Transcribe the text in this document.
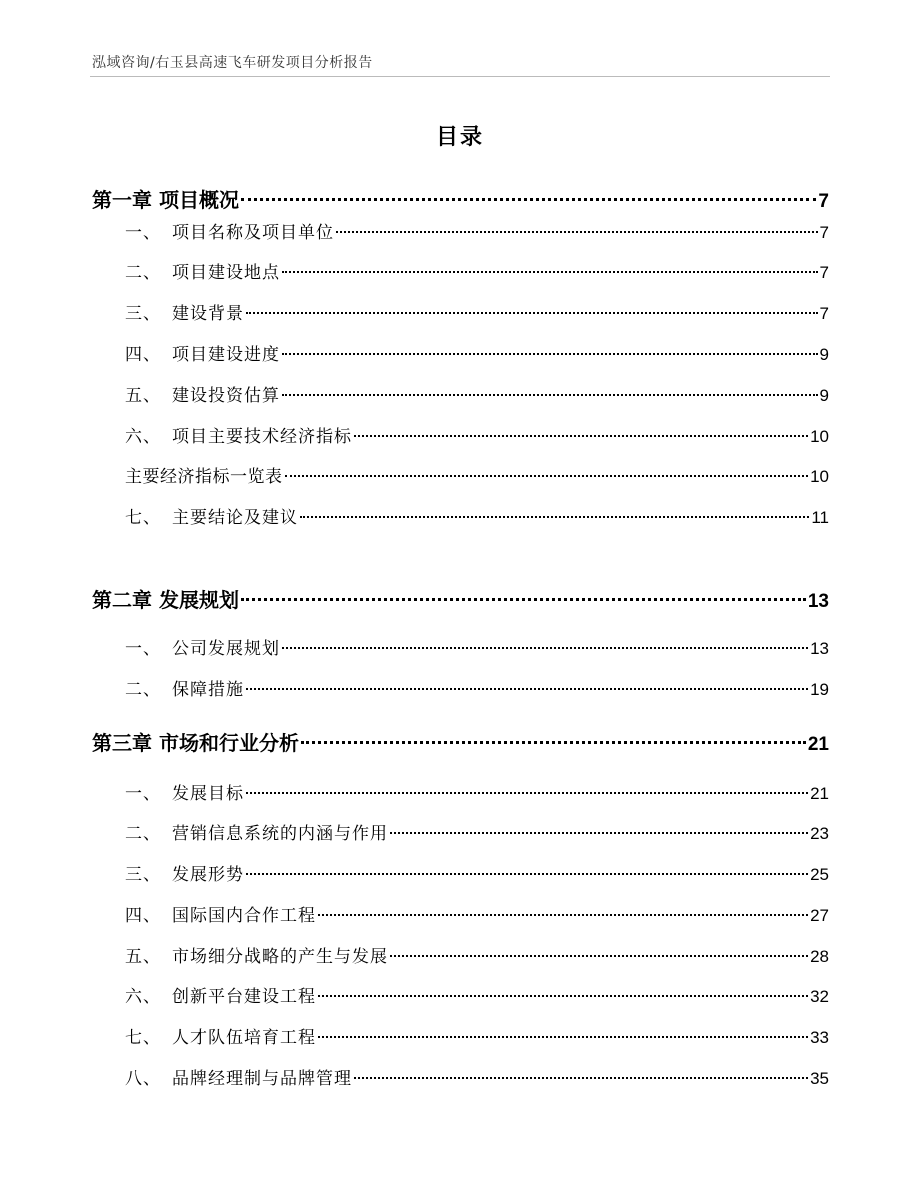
泓域咨询/右玉县高速飞车研发项目分析报告
目录
第一章 项目概况	7
一、 项目名称及项目单位	7
二、 项目建设地点	7
三、 建设背景	7
四、 项目建设进度	9
五、 建设投资估算	9
六、 项目主要技术经济指标	10
主要经济指标一览表	10
七、 主要结论及建议	11
第二章 发展规划	13
一、 公司发展规划	13
二、 保障措施	19
第三章 市场和行业分析	21
一、 发展目标	21
二、 营销信息系统的内涵与作用	23
三、 发展形势	25
四、 国际国内合作工程	27
五、 市场细分战略的产生与发展	28
六、 创新平台建设工程	32
七、 人才队伍培育工程	33
八、 品牌经理制与品牌管理	35
